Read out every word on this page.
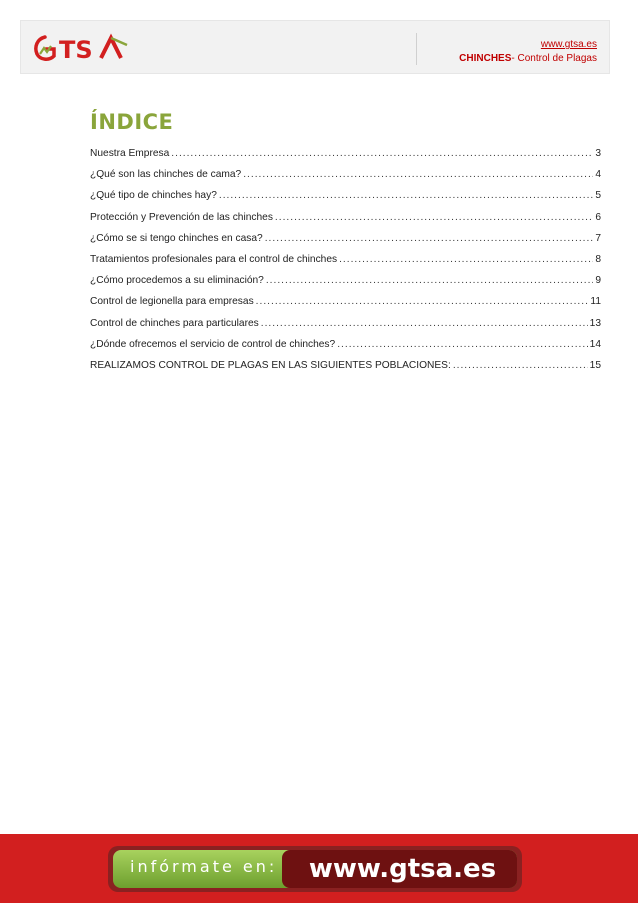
TS	www.gtsa.es
CHINCHES- Control de Plagas
ÍNDICE
Nuestra Empresa .....	3
¿Qué son las chinches de cama? .....	4
¿Qué tipo de chinches hay? .....	5
Protección y Prevención de las chinches .....	6
¿Cómo se si tengo chinches en casa? .....	7
Tratamientos profesionales para el control de chinches .....	8
¿Cómo procedemos a su eliminación? .....	9
Control de legionella para empresas .....	11
Control de chinches para particulares .....	13
¿Dónde ofrecemos el servicio de control de chinches? .....	14
REALIZAMOS CONTROL DE PLAGAS EN LAS SIGUIENTES POBLACIONES: .....	15
infórmate en:	www.gtsa.es
